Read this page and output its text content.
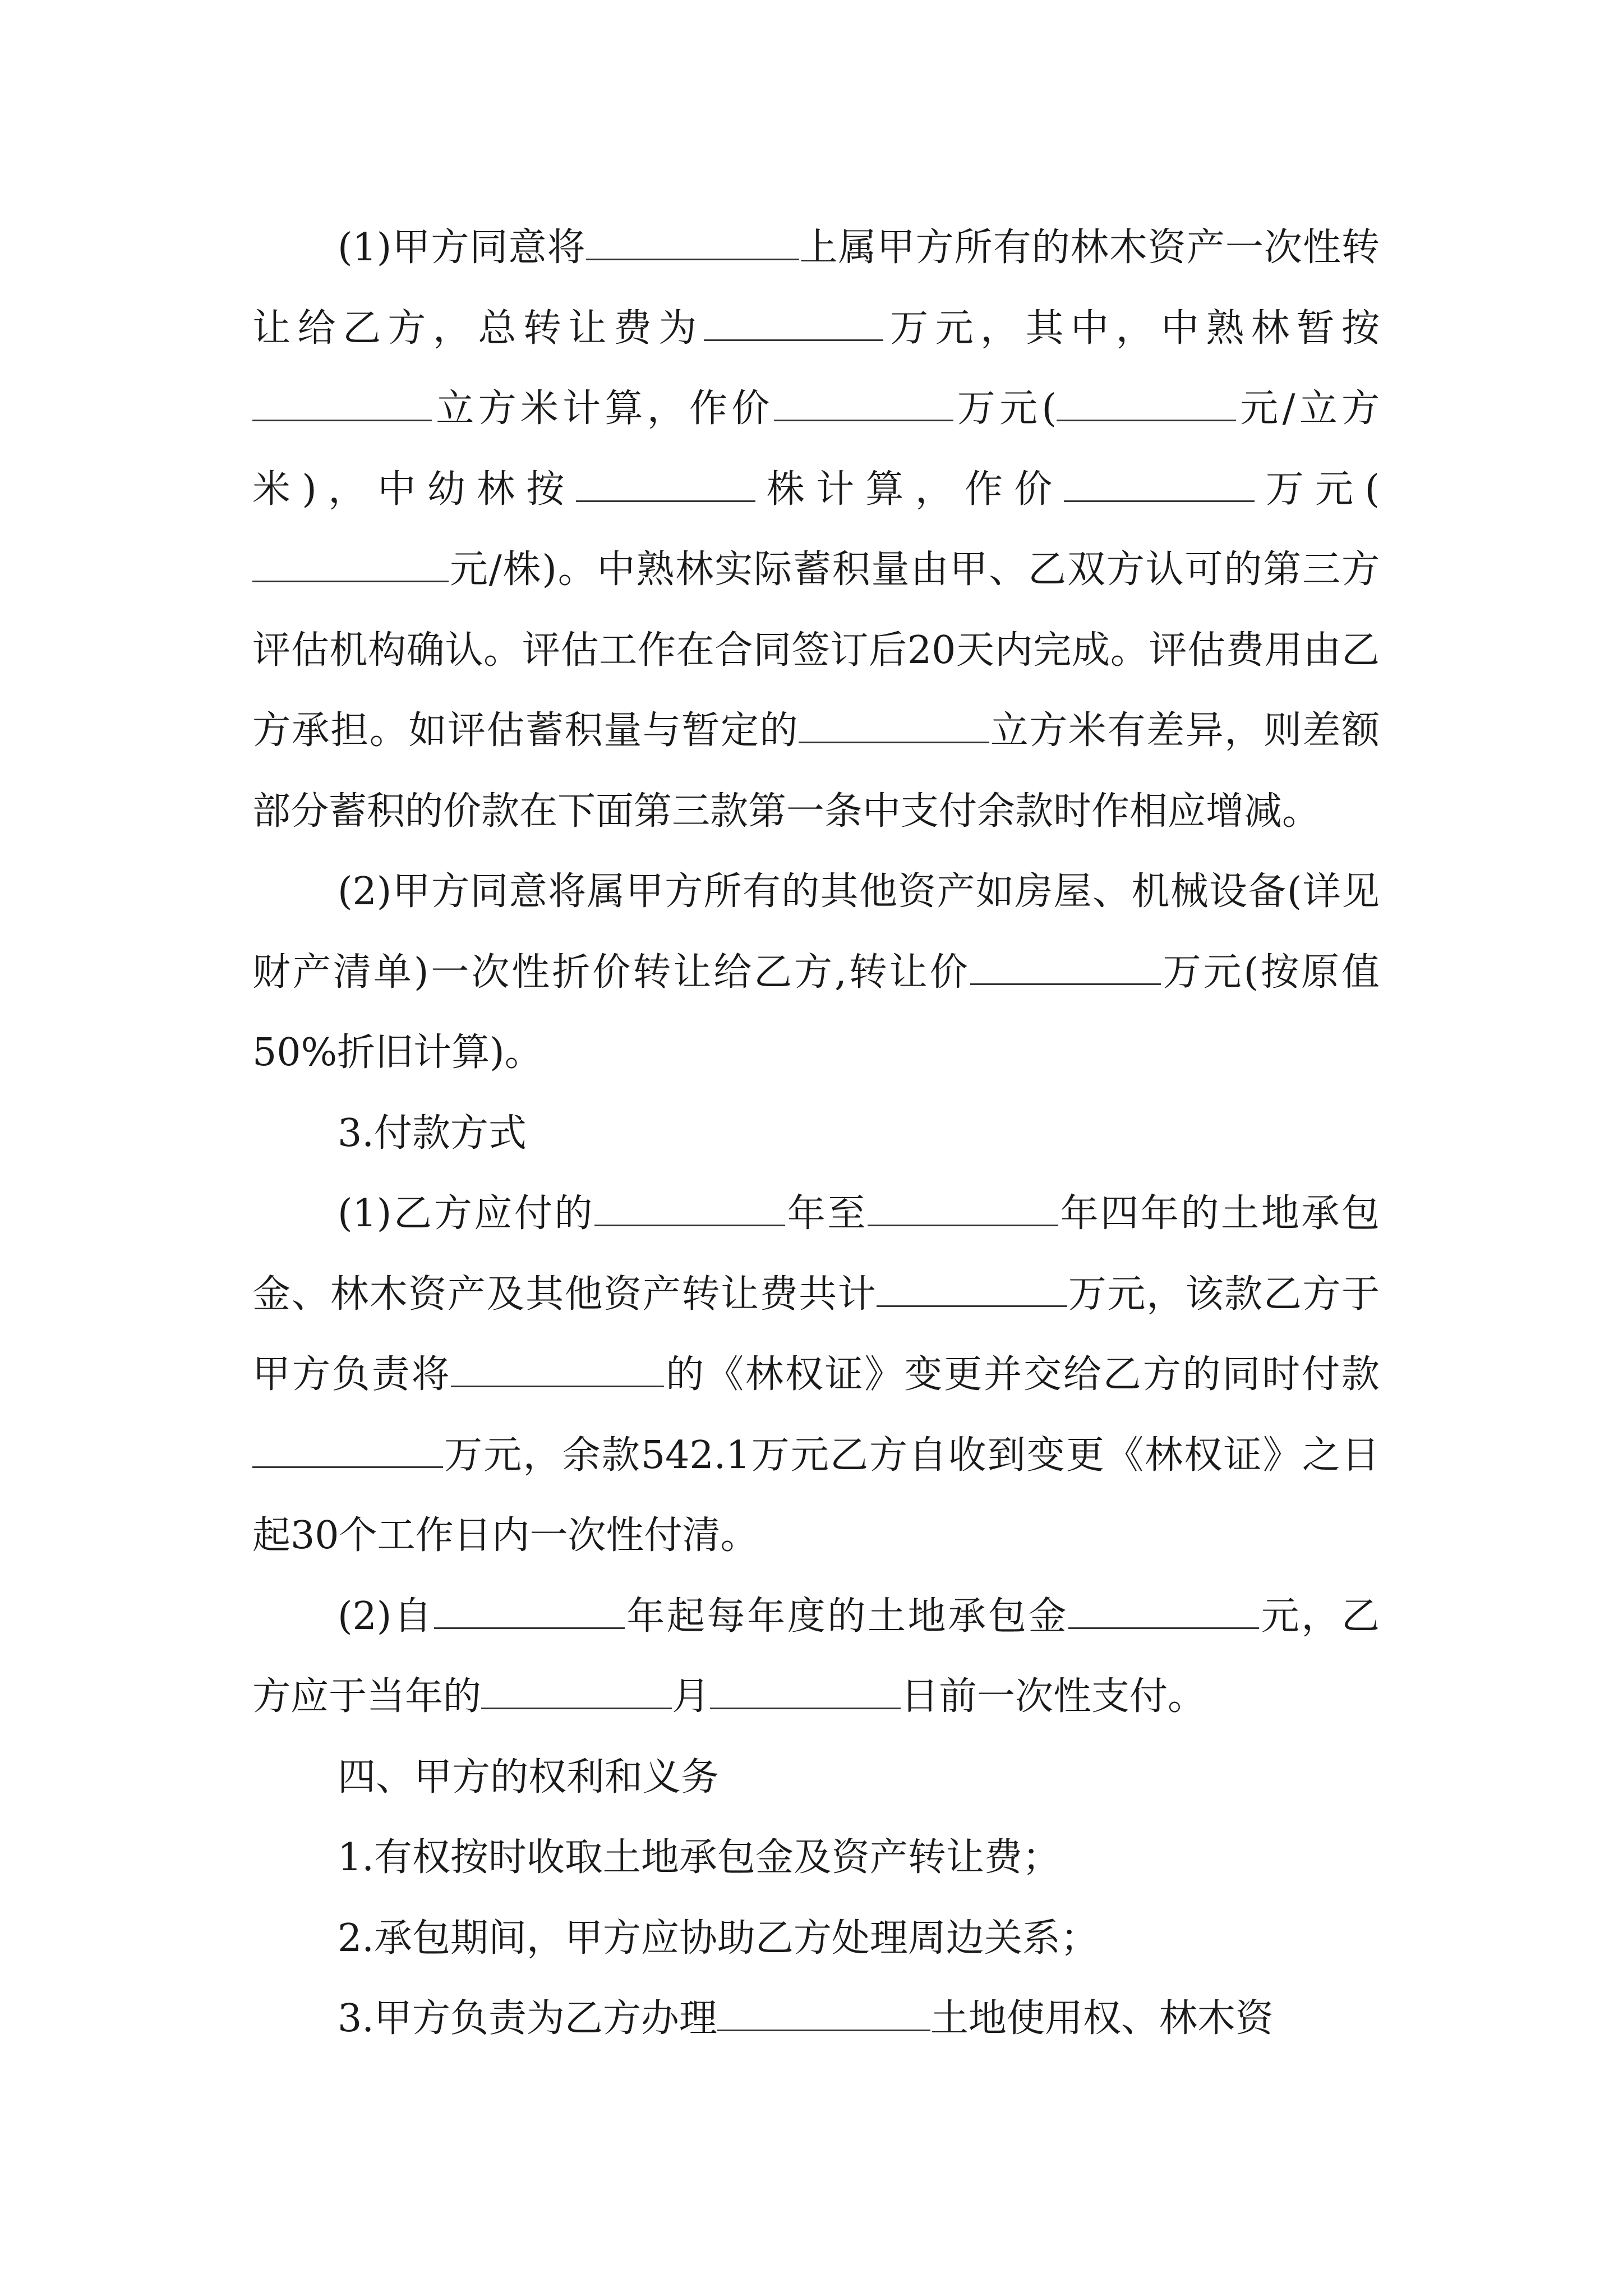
(1)甲方同意将	上属甲方所有的林木资产一次性转让给乙方，总转让费为	万元，其中，中熟林暂按立方米计算，作价	万元(	元/立方米)，中幼林按	株计算，作价	万元(元/株)。中熟林实际蓄积量由甲、乙双方认可的第三方评估机构确认。评估工作在合同签订后20天内完成。评估费用由乙方承担。如评估蓄积量与暂定的	立方米有差异，则差额部分蓄积的价款在下面第三款第一条中支付余款时作相应增减。

(2)甲方同意将属甲方所有的其他资产如房屋、机械设备(详见财产清单)一次性折价转让给乙方,转让价	万元(按原值50%折旧计算)。

3.付款方式

(1)乙方应付的	年至	年四年的土地承包金、林木资产及其他资产转让费共计	万元，该款乙方于甲方负责将	的《林权证》变更并交给乙方的同时付款万元，余款542.1万元乙方自收到变更《林权证》之日起30个工作日内一次性付清。

(2)自	年起每年度的土地承包金	元，乙方应于当年的	月	日前一次性支付。

四、甲方的权利和义务

1.有权按时收取土地承包金及资产转让费；

2.承包期间，甲方应协助乙方处理周边关系；

3.甲方负责为乙方办理	土地使用权、林木资
